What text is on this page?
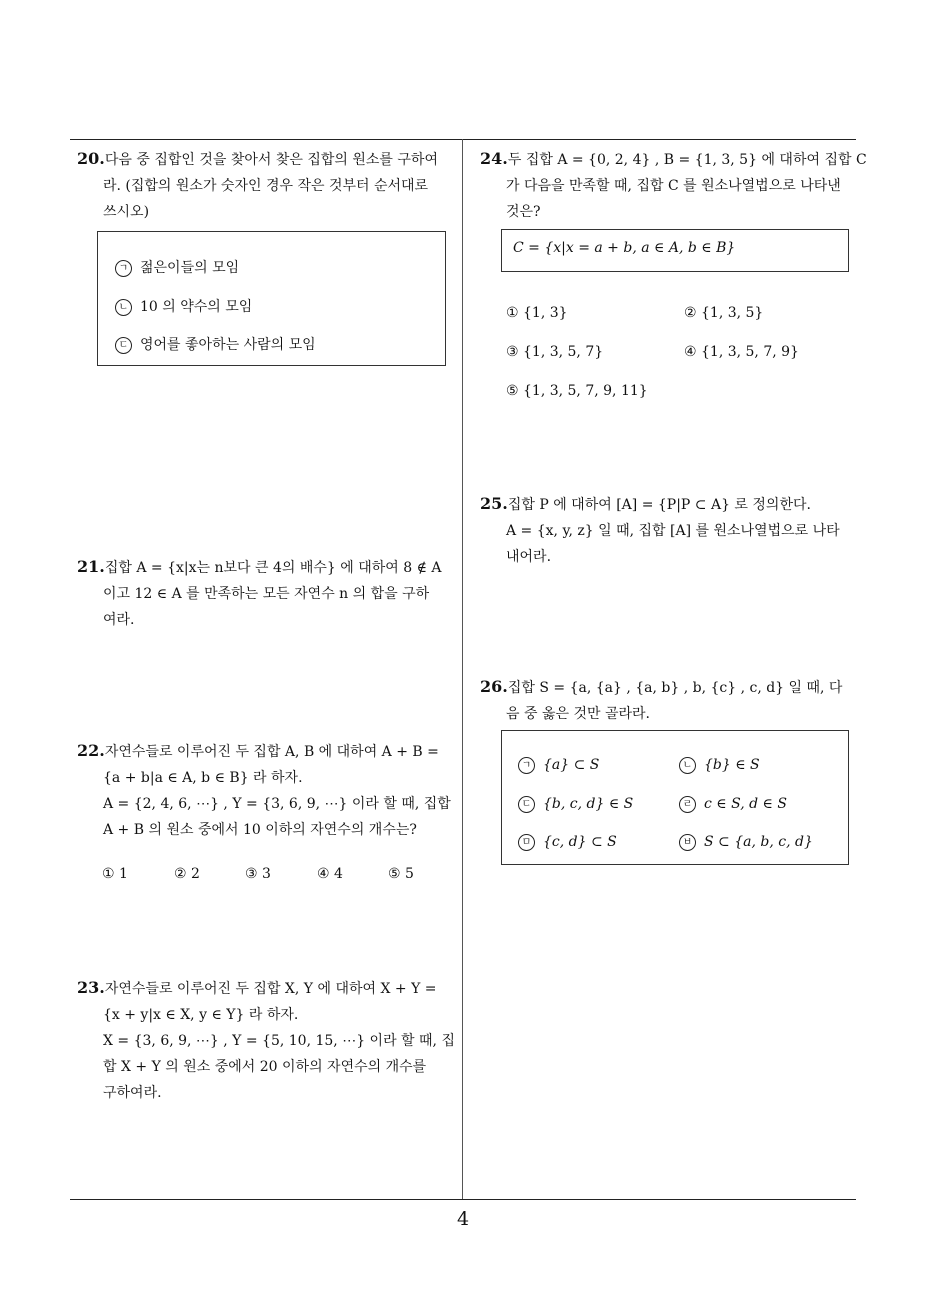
20.다음 중 집합인 것을 찾아서 찾은 집합의 원소를 구하여
라. (집합의 원소가 숫자인 경우 작은 것부터 순서대로
쓰시오)
ㄱ 젊은이들의 모임
ㄴ 10 의 약수의 모임
ㄷ 영어를 좋아하는 사람의 모임
21.집합 A = {x|x는 n보다 큰 4의 배수} 에 대하여 8 ∉ A
이고 12 ∈ A 를 만족하는 모든 자연수 n 의 합을 구하
여라.
22.자연수들로 이루어진 두 집합 A, B 에 대하여 A + B =
{a + b|a ∈ A, b ∈ B} 라 하자.
A = {2, 4, 6, ⋯} , Y = {3, 6, 9, ⋯} 이라 할 때, 집합
A + B 의 원소 중에서 10 이하의 자연수의 개수는?
① 1	② 2	③ 3	④ 4	⑤ 5
23.자연수들로 이루어진 두 집합 X, Y 에 대하여 X + Y =
{x + y|x ∈ X, y ∈ Y} 라 하자.
X = {3, 6, 9, ⋯} , Y = {5, 10, 15, ⋯} 이라 할 때, 집
합 X + Y 의 원소 중에서 20 이하의 자연수의 개수를
구하여라.
24.두 집합 A = {0, 2, 4} , B = {1, 3, 5} 에 대하여 집합 C
가 다음을 만족할 때, 집합 C 를 원소나열법으로 나타낸
것은?
C = {x|x = a + b, a ∈ A, b ∈ B}
① {1, 3}	② {1, 3, 5}
③ {1, 3, 5, 7}	④ {1, 3, 5, 7, 9}
⑤ {1, 3, 5, 7, 9, 11}
25.집합 P 에 대하여 [A] = {P|P ⊂ A} 로 정의한다.
A = {x, y, z} 일 때, 집합 [A] 를 원소나열법으로 나타
내어라.
26.집합 S = {a, {a} , {a, b} , b, {c} , c, d} 일 때, 다
음 중 옳은 것만 골라라.
ㄱ {a} ⊂ S	ㄴ {b} ∈ S
ㄷ {b, c, d} ∈ S	ㄹ c ∈ S, d ∈ S
ㅁ {c, d} ⊂ S	ㅂ S ⊂ {a, b, c, d}
4
